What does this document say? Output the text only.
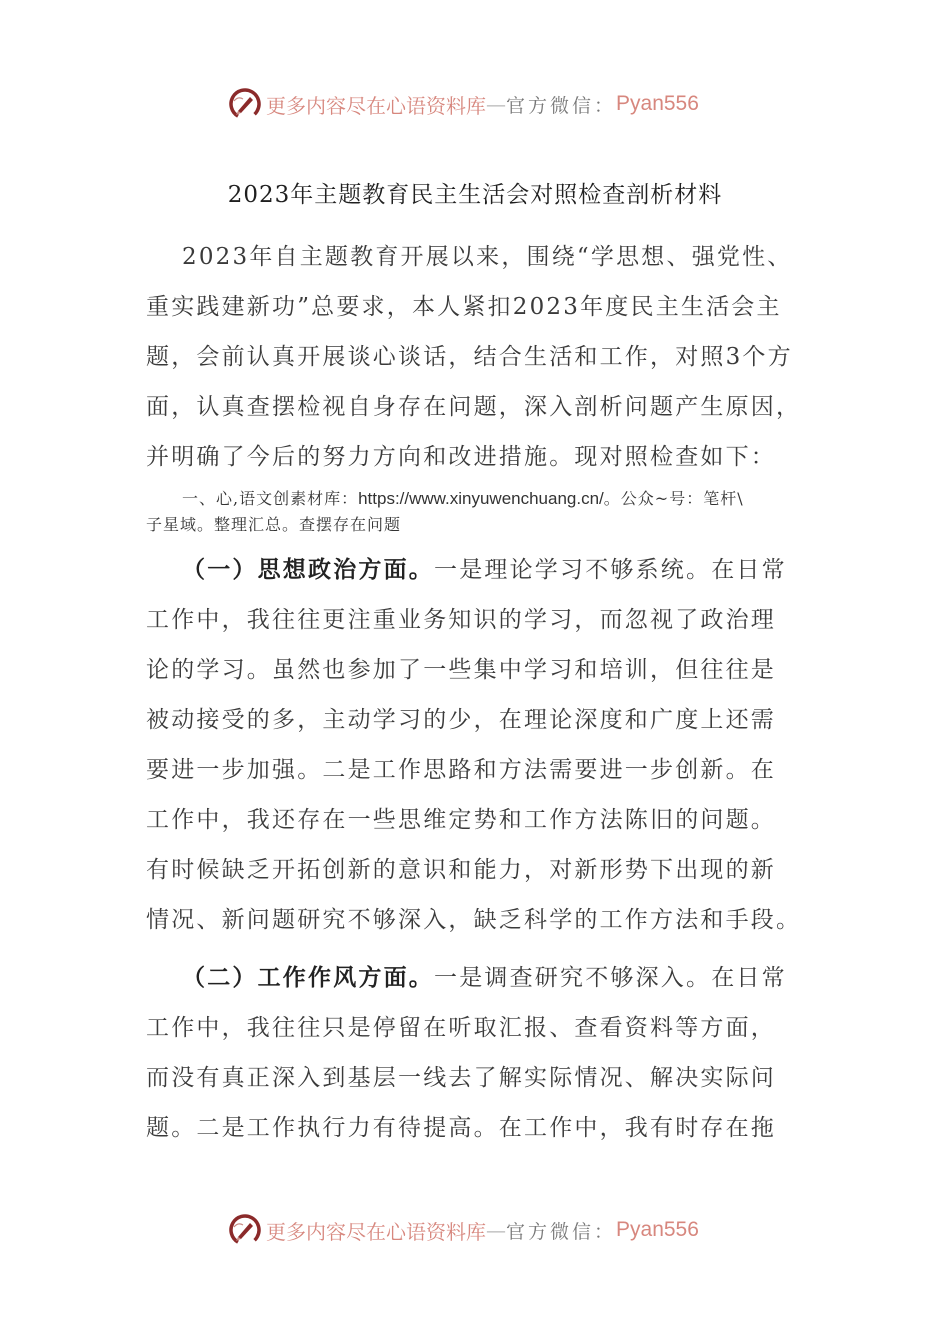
更多内容尽在心语资料库 — 官方微信： Pyan556
2023年主题教育民主生活会对照检查剖析材料
2023年自主题教育开展以来，围绕“学思想、强党性、
重实践建新功”总要求，本人紧扣2023年度民主生活会主
题，会前认真开展谈心谈话，结合生活和工作，对照3个方
面，认真查摆检视自身存在问题，深入剖析问题产生原因，
并明确了今后的努力方向和改进措施。现对照检查如下：
一、心,语文创素材库：https://www.xinyuwenchuang.cn/。公众~号：笔杆\
子星域。整理汇总。查摆存在问题
（一）思想政治方面。一是理论学习不够系统。在日常
工作中，我往往更注重业务知识的学习，而忽视了政治理
论的学习。虽然也参加了一些集中学习和培训，但往往是
被动接受的多，主动学习的少，在理论深度和广度上还需
要进一步加强。二是工作思路和方法需要进一步创新。在
工作中，我还存在一些思维定势和工作方法陈旧的问题。
有时候缺乏开拓创新的意识和能力，对新形势下出现的新
情况、新问题研究不够深入，缺乏科学的工作方法和手段。
（二）工作作风方面。一是调查研究不够深入。在日常
工作中，我往往只是停留在听取汇报、查看资料等方面，
而没有真正深入到基层一线去了解实际情况、解决实际问
题。二是工作执行力有待提高。在工作中，我有时存在拖
更多内容尽在心语资料库 — 官方微信： Pyan556
